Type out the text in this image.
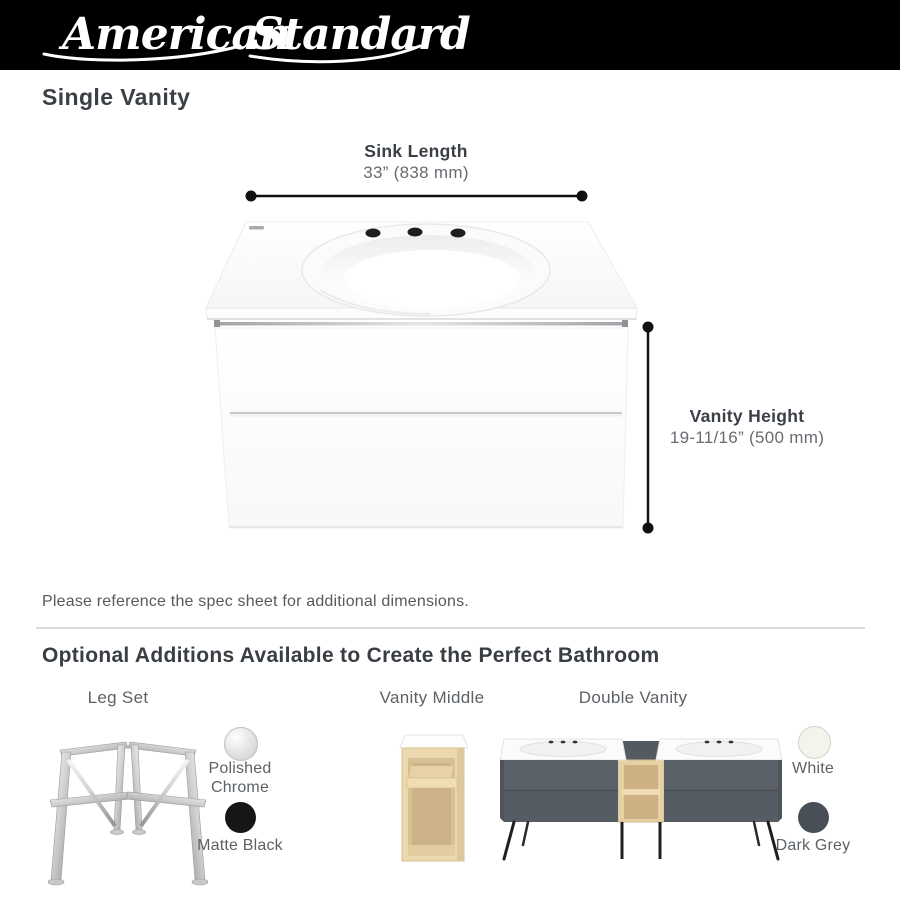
American
Standard
Single Vanity
Sink Length
33” (838 mm)
Vanity Height
19-11/16” (500 mm)
Please reference the spec sheet for additional dimensions.
Optional Additions Available to Create the Perfect Bathroom
Leg Set	Vanity Middle	Double Vanity
Polished Chrome
Matte Black
White
Dark Grey
